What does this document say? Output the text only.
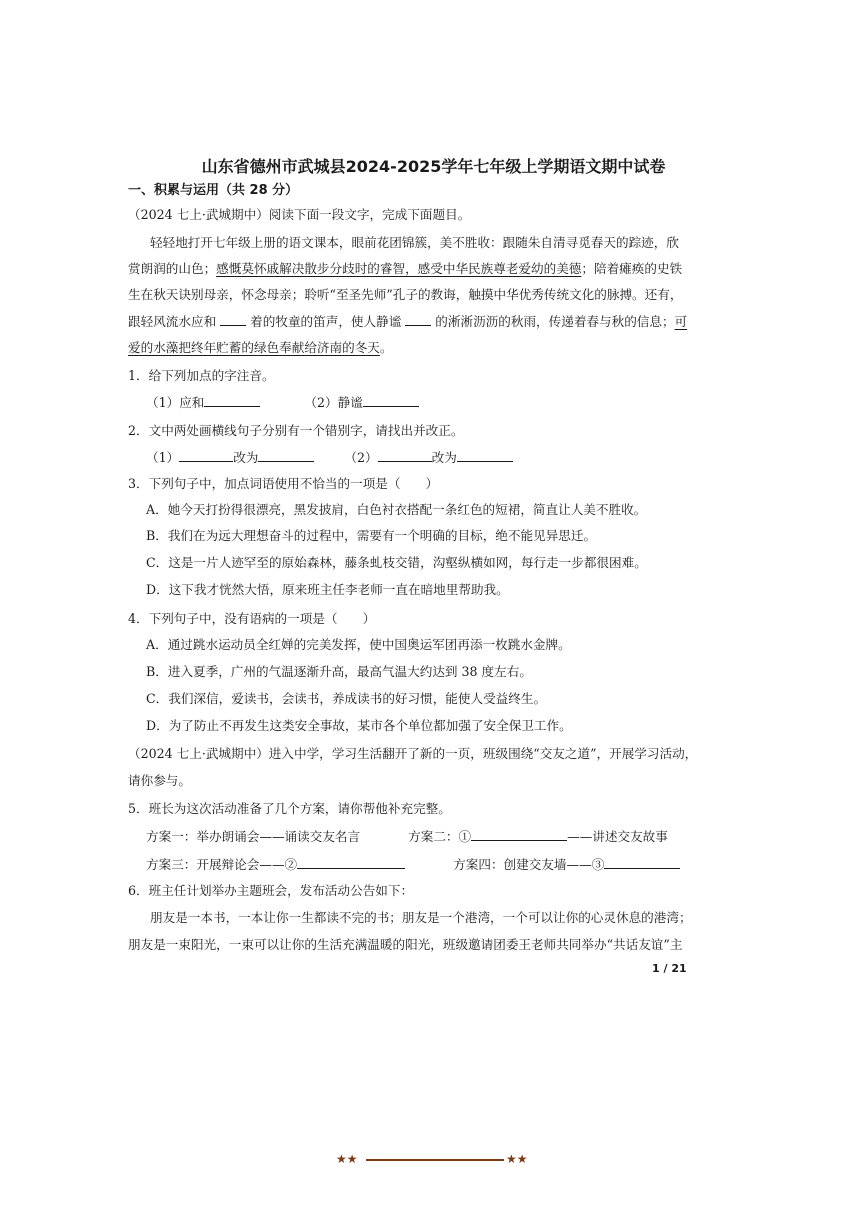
山东省德州市武城县2024-2025学年七年级上学期语文期中试卷
一、积累与运用（共 28 分）
（2024 七上·武城期中）阅读下面一段文字，完成下面题目。
轻轻地打开七年级上册的语文课本，眼前花团锦簇，美不胜收：跟随朱自清寻觅春天的踪迹，欣
赏朗润的山色；感慨莫怀戚解决散步分歧时的睿智，感受中华民族尊老爱幼的美德；陪着瘫痪的史铁
生在秋天诀别母亲，怀念母亲；聆听“至圣先师”孔子的教诲，触摸中华优秀传统文化的脉搏。还有，
跟轻风流水应和	着的牧童的笛声，使人静谧	的淅淅沥沥的秋雨，传递着春与秋的信息；可
爱的水藻把终年贮蓄的绿色奉献给济南的冬天。
1．给下列加点的字注音。
（1）应和	（2）静谧
2．文中两处画横线句子分别有一个错别字，请找出并改正。
（1）	改为	（2）	改为
3．下列句子中，加点词语使用不恰当的一项是（　　）
A．她今天打扮得很漂亮，黑发披肩，白色衬衣搭配一条红色的短裙，简直让人美不胜收。
B．我们在为远大理想奋斗的过程中，需要有一个明确的目标，绝不能见异思迁。
C．这是一片人迹罕至的原始森林，藤条虬枝交错，沟壑纵横如网，每行走一步都很困难。
D．这下我才恍然大悟，原来班主任李老师一直在暗地里帮助我。
4．下列句子中，没有语病的一项是（　　）
A．通过跳水运动员全红婵的完美发挥，使中国奥运军团再添一枚跳水金牌。
B．进入夏季，广州的气温逐渐升高，最高气温大约达到 38 度左右。
C．我们深信，爱读书，会读书，养成读书的好习惯，能使人受益终生。
D．为了防止不再发生这类安全事故，某市各个单位都加强了安全保卫工作。
（2024 七上·武城期中）进入中学，学习生活翻开了新的一页，班级围绕“交友之道”，开展学习活动，
请你参与。
5．班长为这次活动准备了几个方案，请你帮他补充完整。
方案一：举办朗诵会——诵读交友名言	方案二：①	——讲述交友故事
方案三：开展辩论会——②	方案四：创建交友墙——③
6．班主任计划举办主题班会，发布活动公告如下：
朋友是一本书，一本让你一生都读不完的书；朋友是一个港湾，一个可以让你的心灵休息的港湾；
朋友是一束阳光，一束可以让你的生活充满温暖的阳光，班级邀请团委王老师共同举办“共话友谊”主
1 / 21
★★	★★
